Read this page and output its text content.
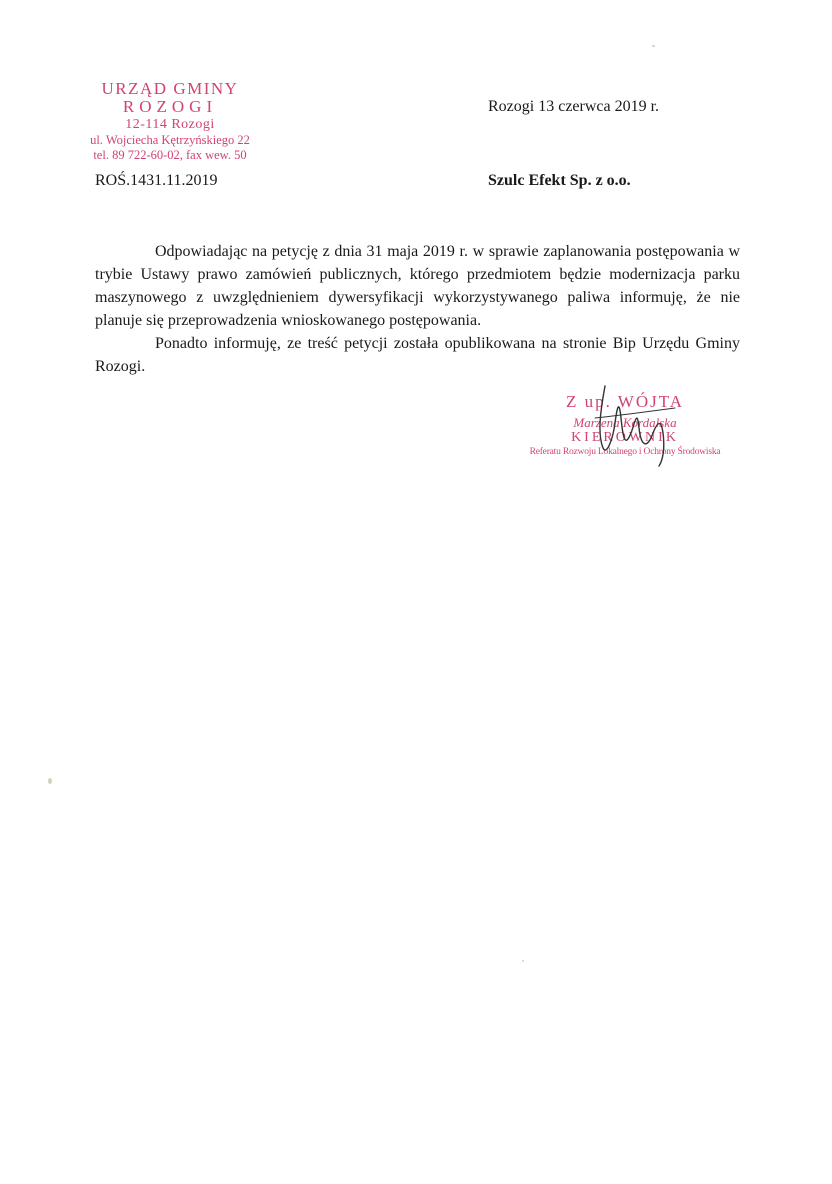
URZĄD GMINY
ROZOGI
12-114 Rozogi
ul. Wojciecha Kętrzyńskiego 22
tel. 89 722-60-02, fax wew. 50
Rozogi 13 czerwca 2019 r.
ROŚ.1431.11.2019	Szulc Efekt Sp. z o.o.

Odpowiadając na petycję z dnia 31 maja 2019 r. w sprawie zaplanowania postępowania w trybie Ustawy prawo zamówień publicznych, którego przedmiotem będzie modernizacja parku maszynowego z uwzględnieniem dywersyfikacji wykorzystywanego paliwa informuję, że nie planuje się przeprowadzenia wnioskowanego postępowania.

Ponadto informuję, ze treść petycji została opublikowana na stronie Bip Urzędu Gminy Rozogi.

Z up. WÓJTA
Marzena Kordalska
KIEROWNIK
Referatu Rozwoju Lokalnego i Ochrony Środowiska
